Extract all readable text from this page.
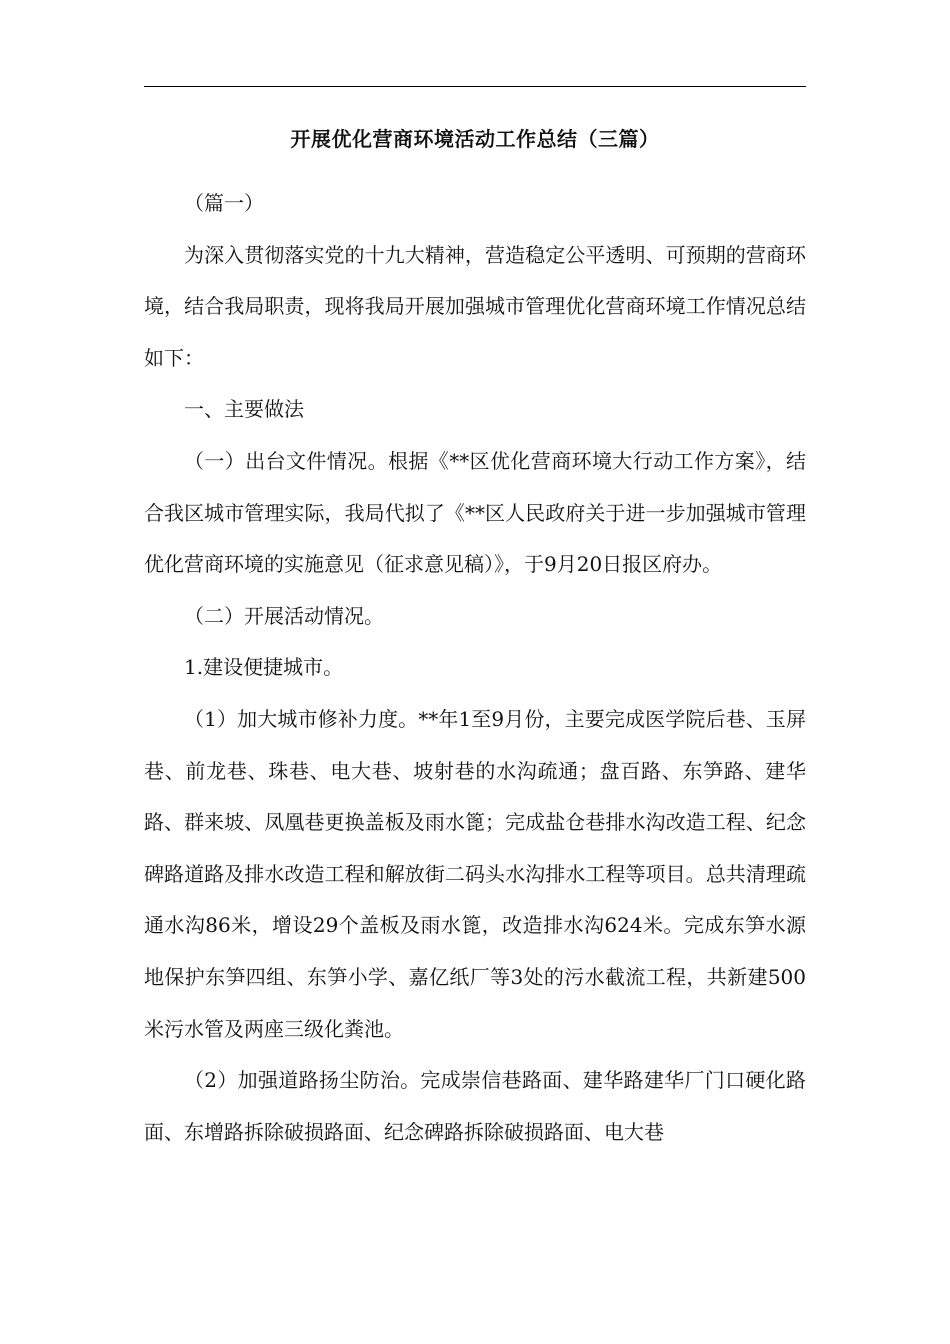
开展优化营商环境活动工作总结（三篇）

（篇一）

为深入贯彻落实党的十九大精神，营造稳定公平透明、可预期的营商环境，结合我局职责，现将我局开展加强城市管理优化营商环境工作情况总结如下：

一、主要做法

（一）出台文件情况。根据《**区优化营商环境大行动工作方案》，结合我区城市管理实际，我局代拟了《**区人民政府关于进一步加强城市管理优化营商环境的实施意见（征求意见稿）》，于9月20日报区府办。

（二）开展活动情况。

1.建设便捷城市。

（1）加大城市修补力度。**年1至9月份，主要完成医学院后巷、玉屏巷、前龙巷、珠巷、电大巷、坡射巷的水沟疏通；盘百路、东笋路、建华路、群来坡、凤凰巷更换盖板及雨水篦；完成盐仓巷排水沟改造工程、纪念碑路道路及排水改造工程和解放街二码头水沟排水工程等项目。总共清理疏通水沟86米，增设29个盖板及雨水篦，改造排水沟624米。完成东笋水源地保护东笋四组、东笋小学、嘉亿纸厂等3处的污水截流工程，共新建500米污水管及两座三级化粪池。

（2）加强道路扬尘防治。完成崇信巷路面、建华路建华厂门口硬化路面、东增路拆除破损路面、纪念碑路拆除破损路面、电大巷
